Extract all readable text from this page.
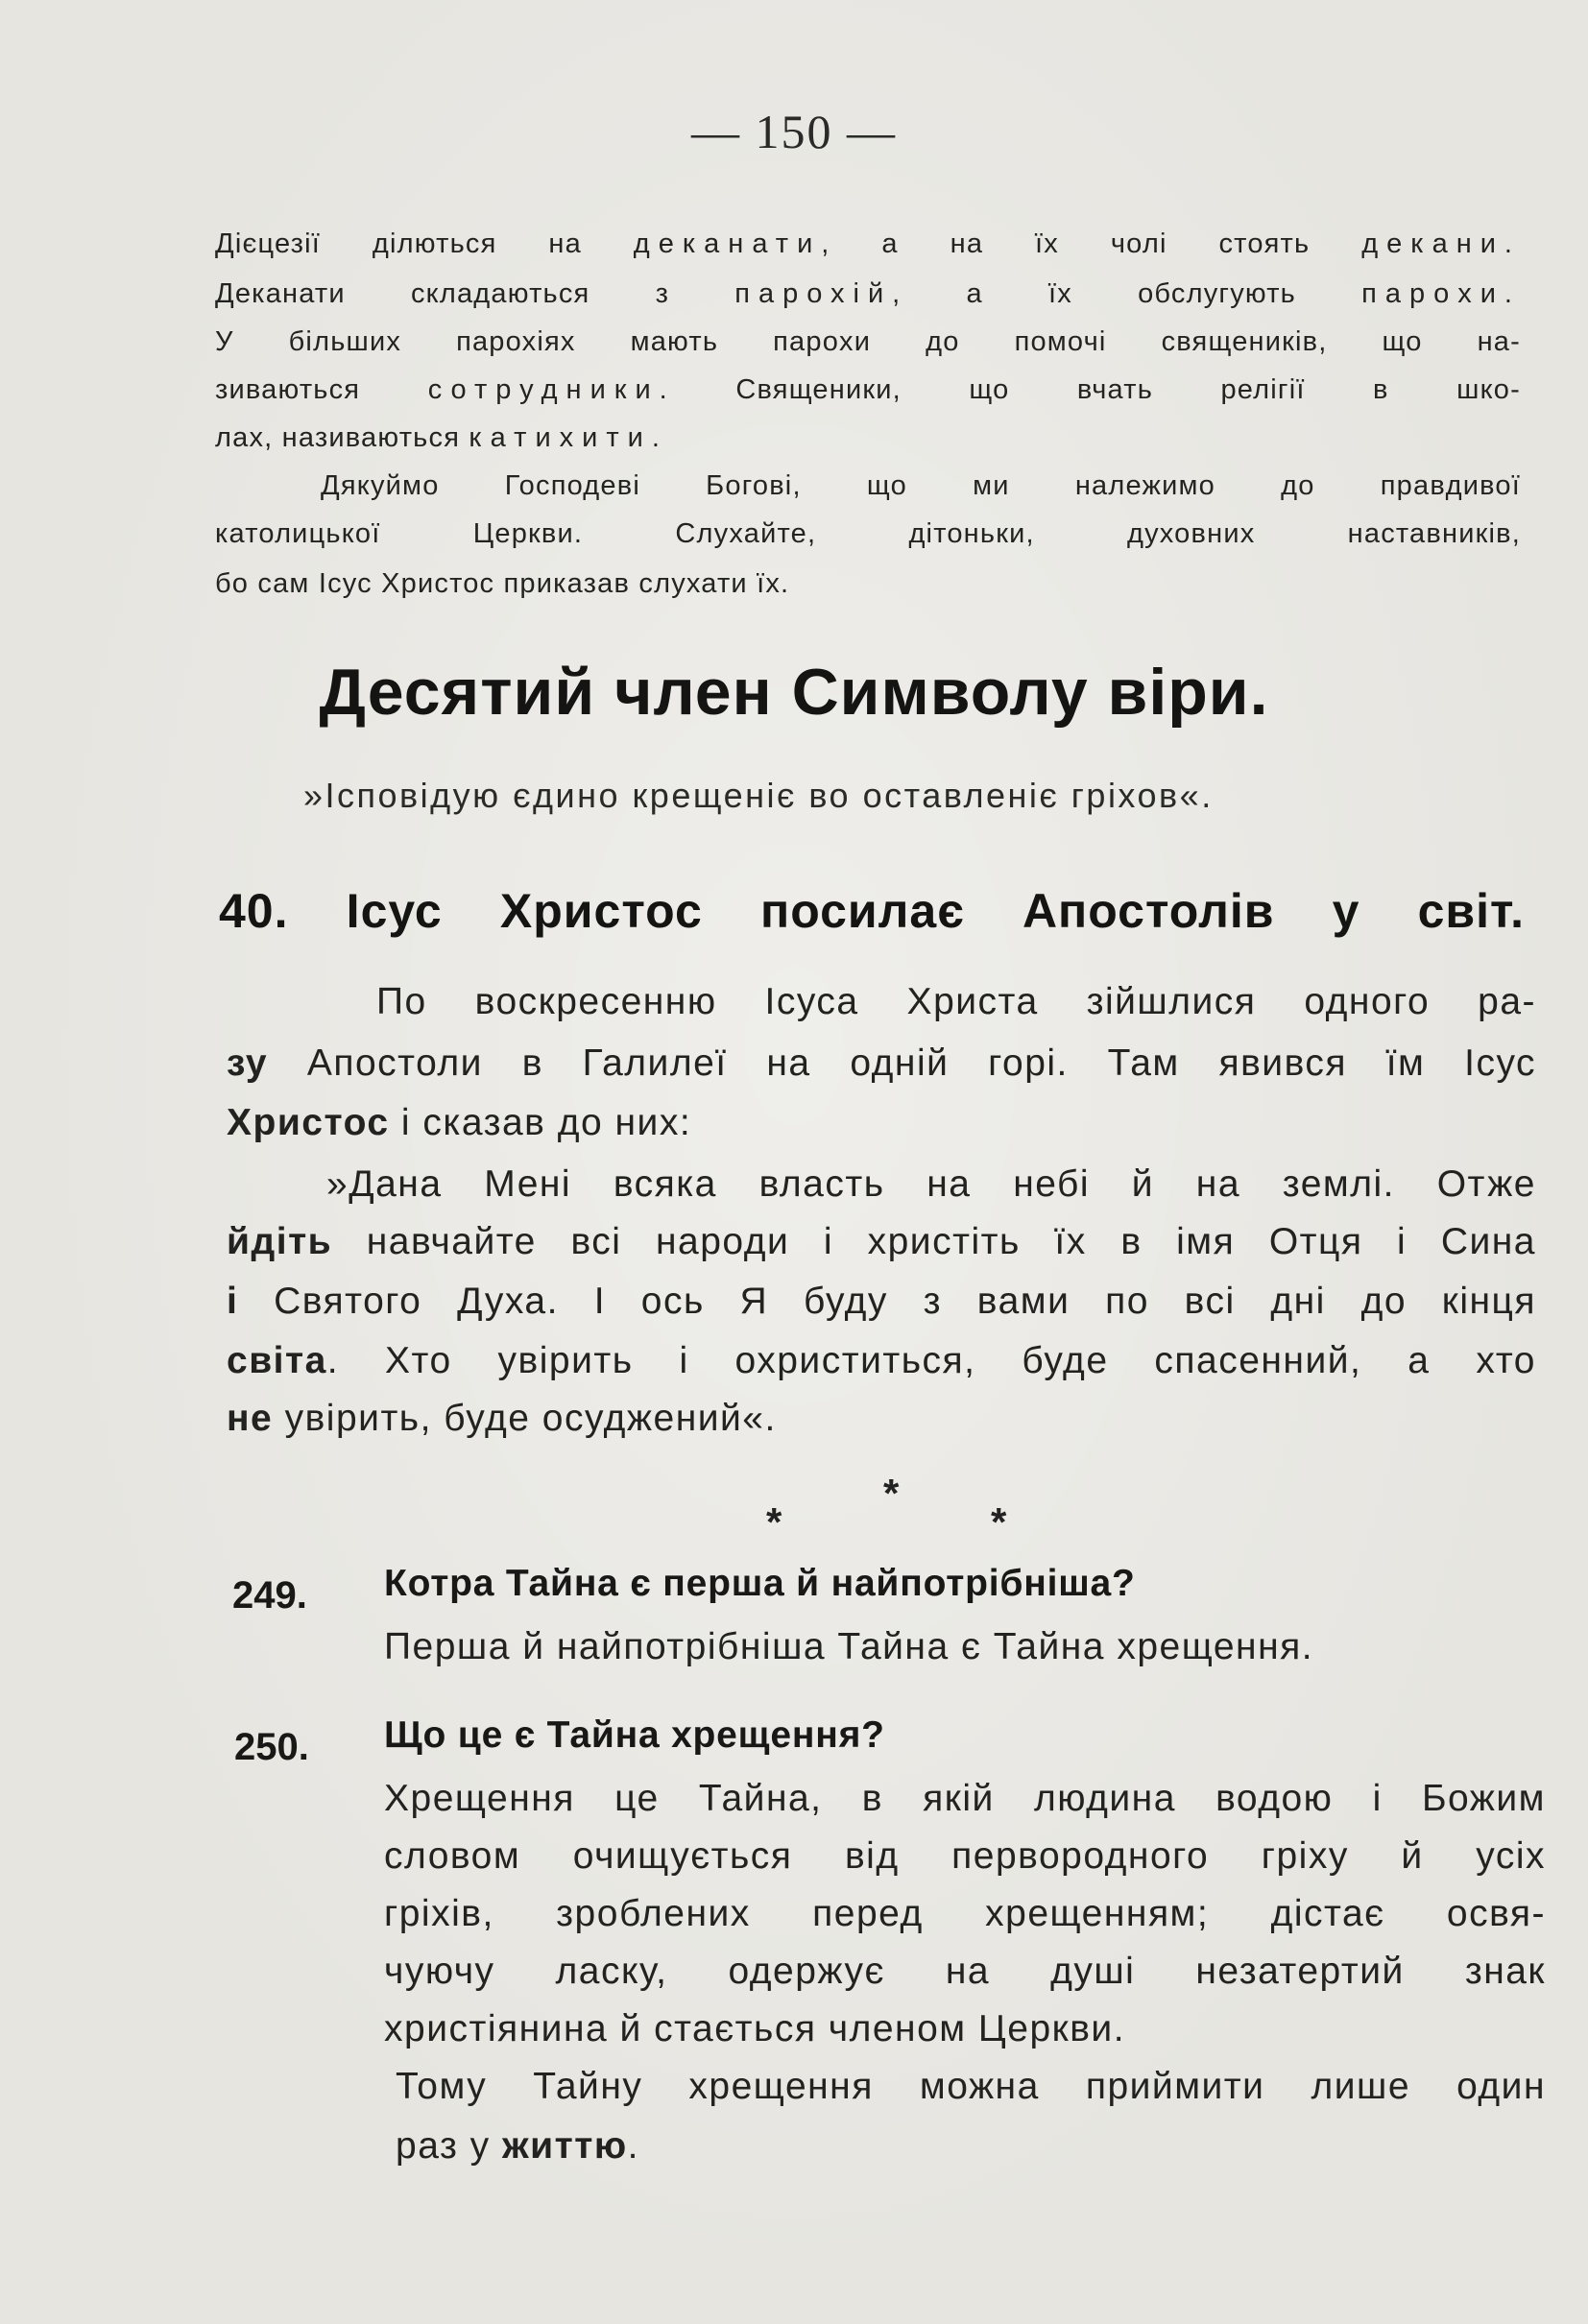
— 150 —
Дієцезії ділються на деканати, а на їх чолі стоять декани.
Деканати складаються з парохій, а їх обслугують пароxи.
У більших парохіях мають пароxи до помочі священиків, що на-
зиваються сотрудники. Священики, що вчать релігії в шко-
лах, називаються катихити.
Дякуймо Господеві Богові, що ми належимо до правдивої
католицької Церкви. Слухайте, дітоньки, духовних наставників,
бо сам Ісус Христос приказав слухати їх.
Десятий член Символу віри.
»Ісповідую єдино крещеніє во оставленіє гріхов«.
40. Ісус Христос посилає Апостолів у світ.
По воскресенню Ісуса Христа зійшлися одного ра-
зу Апостоли в Галилеї на одній горі. Там явився їм Ісус
Христос і сказав до них:
»Дана Мені всяка власть на небі й на землі. Отже
йдіть навчайте всі народи і христіть їх в імя Отця і Сина
і Святого Духа. І ось Я буду з вами по всі дні до кінця
світа. Хто увірить і охриститься, буде спасенний, а хто
не увірить, буде осуджений«.
*
*	*
249. Котра Тайна є перша й найпотрібніша?
Перша й найпотрібніша Тайна є Тайна хрещення.
250. Що це є Тайна хрещення?
Хрещення це Тайна, в якій людина водою і Божим
словом очищується від первородного гріху й усіх
гріхів, зроблених перед хрещенням; дістає освя-
чуючу ласку, одержує на душі незатертий знак
христіянина й стається членом Церкви.
Тому Тайну хрещення можна приймити лише один
раз у життю.
